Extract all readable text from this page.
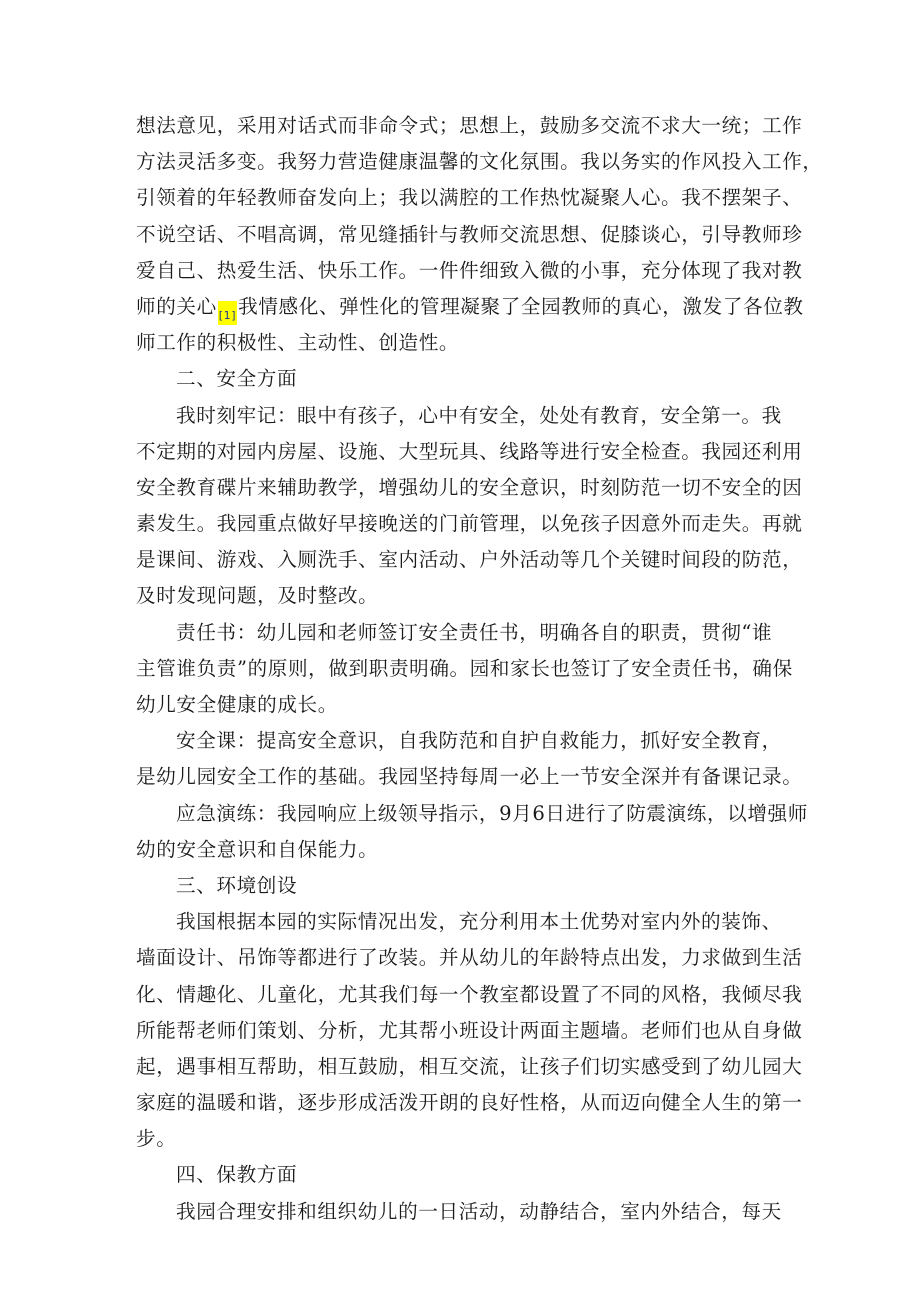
想法意见，采用对话式而非命令式；思想上，鼓励多交流不求大一统；工作
方法灵活多变。我努力营造健康温馨的文化氛围。我以务实的作风投入工作，
引领着的年轻教师奋发向上；我以满腔的工作热忱凝聚人心。我不摆架子、
不说空话、不唱高调，常见缝插针与教师交流思想、促膝谈心，引导教师珍
爱自己、热爱生活、快乐工作。一件件细致入微的小事，充分体现了我对教
师的关心 [1] 我情感化、弹性化的管理凝聚了全园教师的真心，激发了各位教
师工作的积极性、主动性、创造性。
二、安全方面
我时刻牢记：眼中有孩子，心中有安全，处处有教育，安全第一。我
不定期的对园内房屋、设施、大型玩具、线路等进行安全检查。我园还利用
安全教育碟片来辅助教学，增强幼儿的安全意识，时刻防范一切不安全的因
素发生。我园重点做好早接晚送的门前管理，以免孩子因意外而走失。再就
是课间、游戏、入厕洗手、室内活动、户外活动等几个关键时间段的防范，
及时发现问题，及时整改。
责任书：幼儿园和老师签订安全责任书，明确各自的职责，贯彻“谁
主管谁负责”的原则，做到职责明确。园和家长也签订了安全责任书，确保
幼儿安全健康的成长。
安全课：提高安全意识，自我防范和自护自救能力，抓好安全教育，
是幼儿园安全工作的基础。我园坚持每周一必上一节安全深并有备课记录。
应急演练：我园响应上级领导指示，9月6日进行了防震演练，以增强师
幼的安全意识和自保能力。
三、环境创设
我国根据本园的实际情况出发，充分利用本土优势对室内外的装饰、
墙面设计、吊饰等都进行了改装。并从幼儿的年龄特点出发，力求做到生活
化、情趣化、儿童化，尤其我们每一个教室都设置了不同的风格，我倾尽我
所能帮老师们策划、分析，尤其帮小班设计两面主题墙。老师们也从自身做
起，遇事相互帮助，相互鼓励，相互交流，让孩子们切实感受到了幼儿园大
家庭的温暖和谐，逐步形成活泼开朗的良好性格，从而迈向健全人生的第一
步。
四、保教方面
我园合理安排和组织幼儿的一日活动，动静结合，室内外结合，每天
